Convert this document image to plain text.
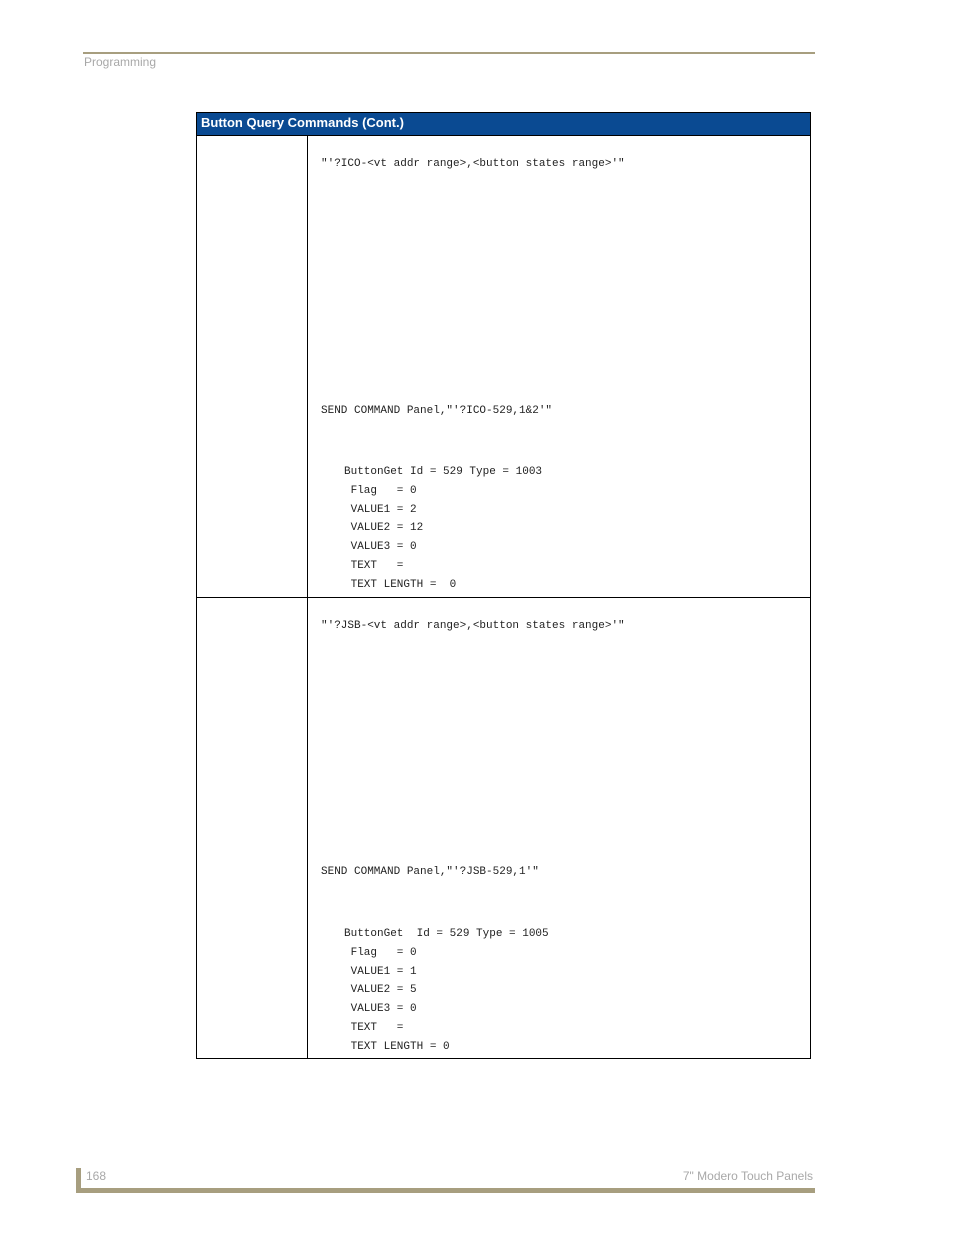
Programming
Button Query Commands (Cont.)
"'?ICO-<vt addr range>,<button states range>'"
SEND COMMAND Panel,"'?ICO-529,1&2'"
ButtonGet Id = 529 Type = 1003
Flag   = 0
VALUE1 = 2
VALUE2 = 12
VALUE3 = 0
TEXT   =
TEXT LENGTH =  0
"'?JSB-<vt addr range>,<button states range>'"
SEND COMMAND Panel,"'?JSB-529,1'"
ButtonGet  Id = 529 Type = 1005
Flag   = 0
VALUE1 = 1
VALUE2 = 5
VALUE3 = 0
TEXT   =
TEXT LENGTH = 0
168	7" Modero Touch Panels
